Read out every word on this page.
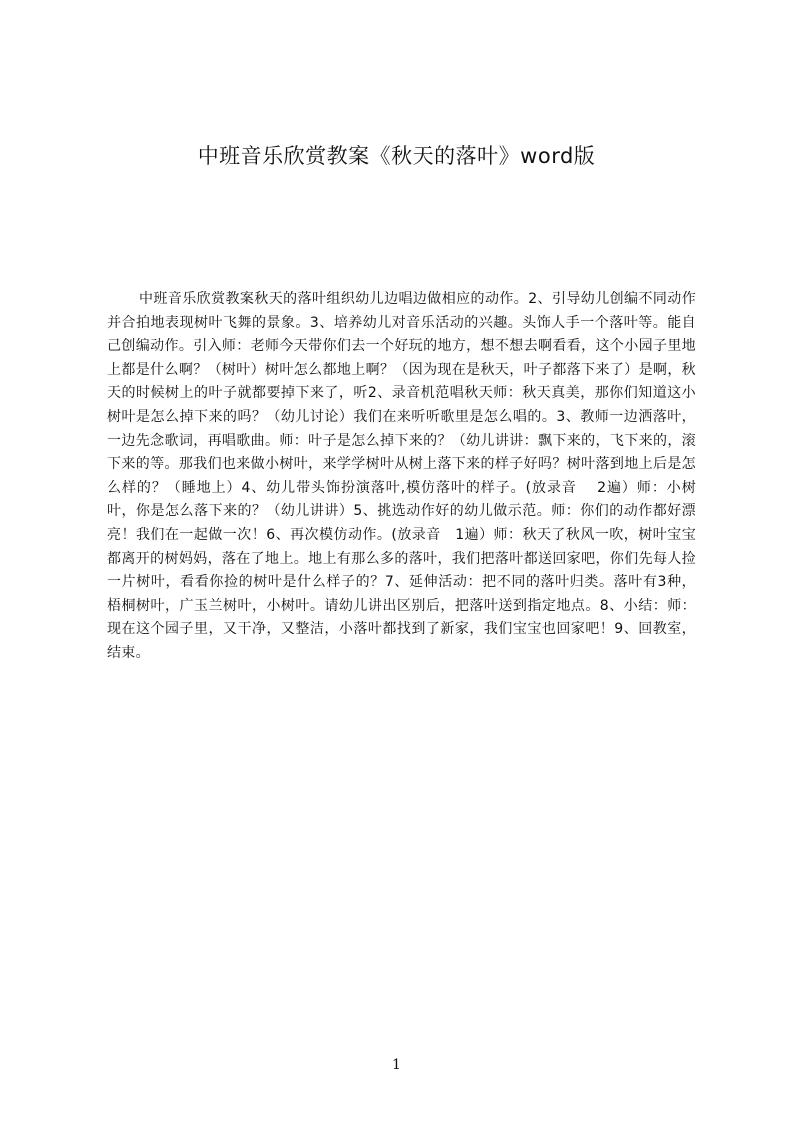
中班音乐欣赏教案《秋天的落叶》word版

中班音乐欣赏教案秋天的落叶组织幼儿边唱边做相应的动作。2、引导幼儿创编不同动作并合拍地表现树叶飞舞的景象。3、培养幼儿对音乐活动的兴趣。头饰人手一个落叶等。能自己创编动作。引入师：老师今天带你们去一个好玩的地方，想不想去啊看看，这个小园子里地上都是什么啊？（树叶）树叶怎么都地上啊？（因为现在是秋天，叶子都落下来了）是啊，秋天的时候树上的叶子就都要掉下来了，听2、录音机范唱秋天师：秋天真美，那你们知道这小树叶是怎么掉下来的吗？（幼儿讨论）我们在来听听歌里是怎么唱的。3、教师一边洒落叶，一边先念歌词，再唱歌曲。师：叶子是怎么掉下来的？（幼儿讲讲：飘下来的，飞下来的，滚下来的等。那我们也来做小树叶，来学学树叶从树上落下来的样子好吗？树叶落到地上后是怎么样的？（睡地上）4、幼儿带头饰扮演落叶,模仿落叶的样子。(放录音　 2遍）师：小树叶，你是怎么落下来的？（幼儿讲讲）5、挑选动作好的幼儿做示范。师：你们的动作都好漂亮！我们在一起做一次！6、再次模仿动作。(放录音　1遍）师：秋天了秋风一吹，树叶宝宝都离开的树妈妈，落在了地上。地上有那么多的落叶，我们把落叶都送回家吧，你们先每人捡一片树叶，看看你捡的树叶是什么样子的？7、延伸活动：把不同的落叶归类。落叶有3种，梧桐树叶，广玉兰树叶，小树叶。请幼儿讲出区别后，把落叶送到指定地点。8、小结：师：现在这个园子里，又干净，又整洁，小落叶都找到了新家，我们宝宝也回家吧！9、回教室，结束。

1
